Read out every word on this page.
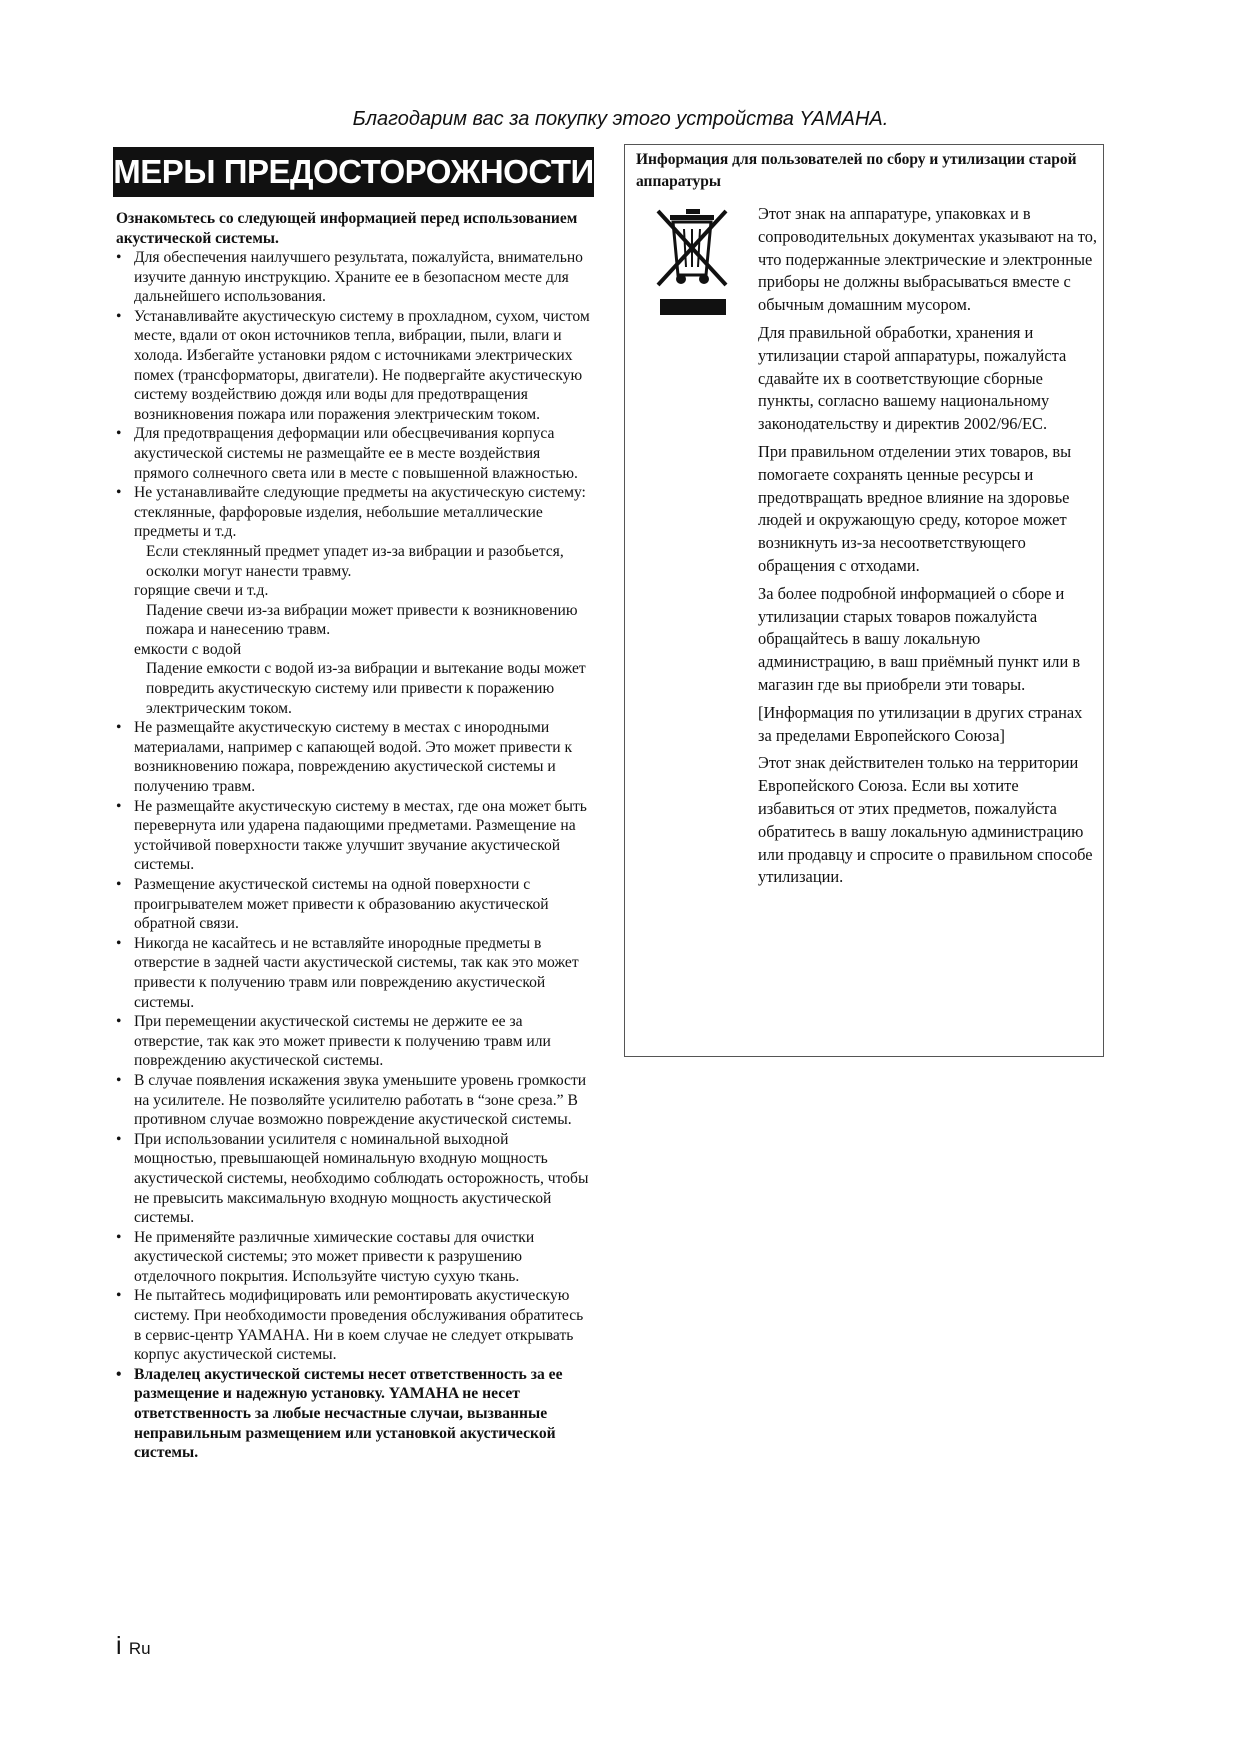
Благодарим вас за покупку этого устройства YAMAHA.
МЕРЫ ПРЕДОСТОРОЖНОСТИ

Ознакомьтесь со следующей информацией перед использованием акустической системы.

• Для обеспечения наилучшего результата, пожалуйста, внимательно изучите данную инструкцию. Храните ее в безопасном месте для дальнейшего использования.

• Устанавливайте акустическую систему в прохладном, сухом, чистом месте, вдали от окон источников тепла, вибрации, пыли, влаги и холода. Избегайте установки рядом с источниками электрических помех (трансформаторы, двигатели). Не подвергайте акустическую систему воздействию дождя или воды для предотвращения возникновения пожара или поражения электрическим током.

• Для предотвращения деформации или обесцвечивания корпуса акустической системы не размещайте ее в месте воздействия прямого солнечного света или в месте с повышенной влажностью.

• Не устанавливайте следующие предметы на акустическую систему:

стеклянные, фарфоровые изделия, небольшие металлические предметы и т.д.

Если стеклянный предмет упадет из-за вибрации и разобьется, осколки могут нанести травму.

горящие свечи и т.д.

Падение свечи из-за вибрации может привести к возникновению пожара и нанесению травм.

емкости с водой

Падение емкости с водой из-за вибрации и вытекание воды может повредить акустическую систему или привести к поражению электрическим током.

• Не размещайте акустическую систему в местах с инородными материалами, например с капающей водой. Это может привести к возникновению пожара, повреждению акустической системы и получению травм.

• Не размещайте акустическую систему в местах, где она может быть перевернута или ударена падающими предметами. Размещение на устойчивой поверхности также улучшит звучание акустической системы.

• Размещение акустической системы на одной поверхности с проигрывателем может привести к образованию акустической обратной связи.

• Никогда не касайтесь и не вставляйте инородные предметы в отверстие в задней части акустической системы, так как это может привести к получению травм или повреждению акустической системы.

• При перемещении акустической системы не держите ее за отверстие, так как это может привести к получению травм или повреждению акустической системы.

• В случае появления искажения звука уменьшите уровень громкости на усилителе. Не позволяйте усилителю работать в “зоне среза.” В противном случае возможно повреждение акустической системы.

• При использовании усилителя с номинальной выходной мощностью, превышающей номинальную входную мощность акустической системы, необходимо соблюдать осторожность, чтобы не превысить максимальную входную мощность акустической системы.

• Не применяйте различные химические составы для очистки акустической системы; это может привести к разрушению отделочного покрытия. Используйте чистую сухую ткань.

• Не пытайтесь модифицировать или ремонтировать акустическую систему. При необходимости проведения обслуживания обратитесь в сервис-центр YAMAHA. Ни в коем случае не следует открывать корпус акустической системы.

• Владелец акустической системы несет ответственность за ее размещение и надежную установку. YAMAHA не несет ответственность за любые несчастные случаи, вызванные неправильным размещением или установкой акустической системы.

Информация для пользователей по сбору и утилизации старой аппаратуры

Этот знак на аппаратуре, упаковках и в сопроводительных документах указывают на то, что подержанные электрические и электронные приборы не должны выбрасываться вместе с обычным домашним мусором.

Для правильной обработки, хранения и утилизации старой аппаратуры, пожалуйста сдавайте их в соответствующие сборные пункты, согласно вашему национальному законодательству и директив 2002/96/ЕС.

При правильном отделении этих товаров, вы помогаете сохранять ценные ресурсы и предотвращать вредное влияние на здоровье людей и окружающую среду, которое может возникнуть из-за несоответствующего обращения с отходами.

За более подробной информацией о сборе и утилизации старых товаров пожалуйста обращайтесь в вашу локальную администрацию, в ваш приёмный пункт или в магазин где вы приобрели эти товары.

[Информация по утилизации в других странах за пределами Европейского Союза]

Этот знак действителен только на территории Европейского Союза. Если вы хотите избавиться от этих предметов, пожалуйста обратитесь в вашу локальную администрацию или продавцу и спросите о правильном способе утилизации.

i Ru
